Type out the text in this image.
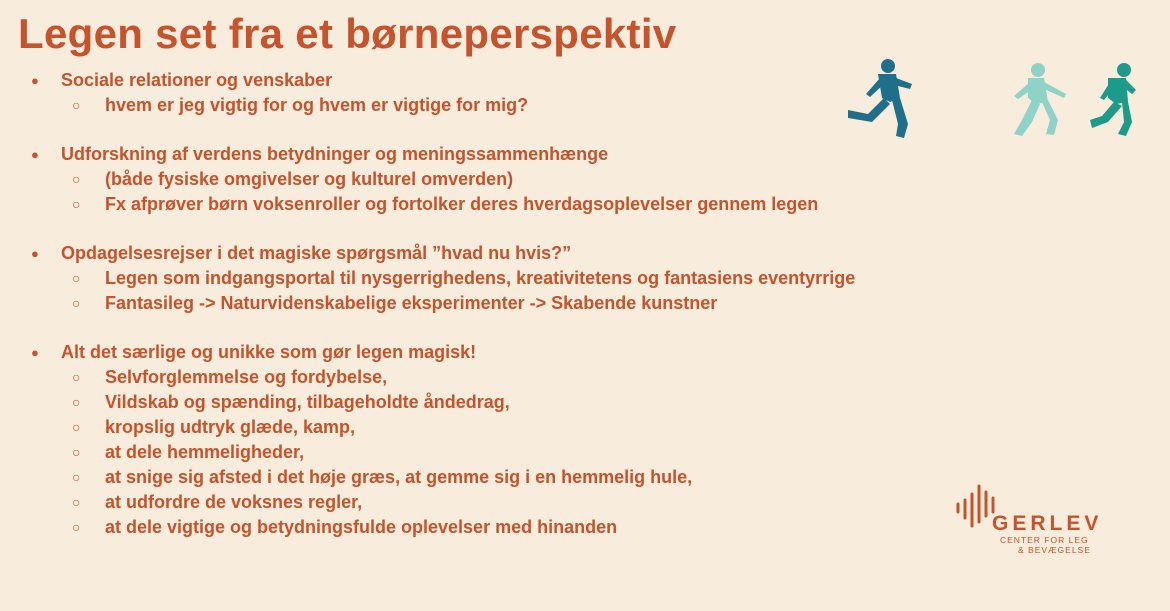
Legen set fra et børneperspektiv
● Sociale relationer og venskaber
○ hvem er jeg vigtig for og hvem er vigtige for mig?
● Udforskning af verdens betydninger og meningssammenhænge
○ (både fysiske omgivelser og kulturel omverden)
○ Fx afprøver børn voksenroller og fortolker deres hverdagsoplevelser gennem legen
● Opdagelsesrejser i det magiske spørgsmål ”hvad nu hvis?”
○ Legen som indgangsportal til nysgerrighedens, kreativitetens og fantasiens eventyrrige
○ Fantasileg -> Naturvidenskabelige eksperimenter -> Skabende kunstner
● Alt det særlige og unikke som gør legen magisk!
○ Selvforglemmelse og fordybelse,
○ Vildskab og spænding, tilbageholdte åndedrag,
○ kropslig udtryk glæde, kamp,
○ at dele hemmeligheder,
○ at snige sig afsted i det høje græs, at gemme sig i en hemmelig hule,
○ at udfordre de voksnes regler,
○ at dele vigtige og betydningsfulde oplevelser med hinanden	GERLEV
CENTER FOR LEG
& BEVÆGELSE
